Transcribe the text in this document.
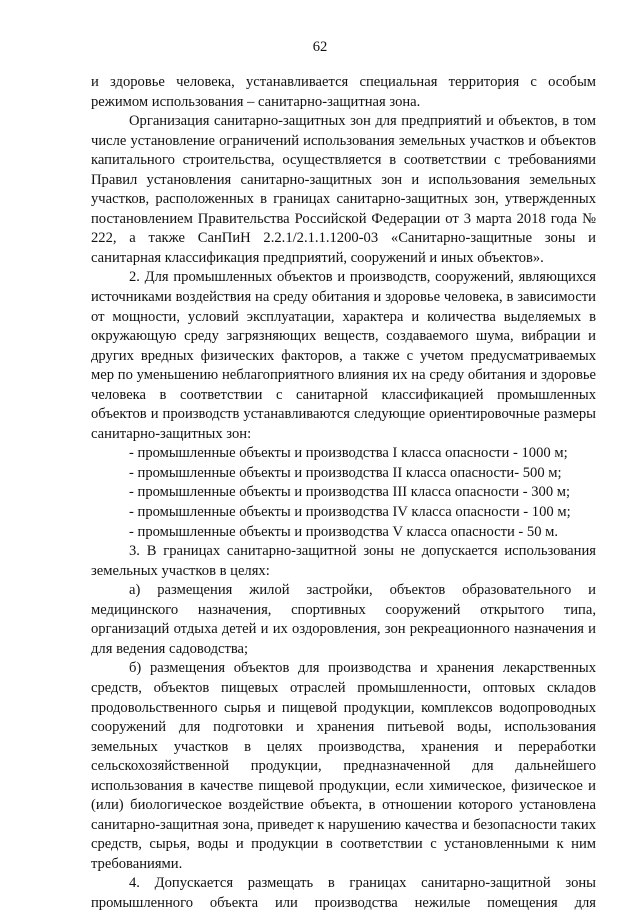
62

и здоровье человека, устанавливается специальная территория с особым режимом использования – санитарно-защитная зона.

Организация санитарно-защитных зон для предприятий и объектов, в том числе установление ограничений использования земельных участков и объектов капитального строительства, осуществляется в соответствии с требованиями Правил установления санитарно-защитных зон и использования земельных участков, расположенных в границах санитарно-защитных зон, утвержденных постановлением Правительства Российской Федерации от 3 марта 2018 года № 222, а также СанПиН 2.2.1/2.1.1.1200-03 «Санитарно-защитные зоны и санитарная классификация предприятий, сооружений и иных объектов».

2. Для промышленных объектов и производств, сооружений, являющихся источниками воздействия на среду обитания и здоровье человека, в зависимости от мощности, условий эксплуатации, характера и количества выделяемых в окружающую среду загрязняющих веществ, создаваемого шума, вибрации и других вредных физических факторов, а также с учетом предусматриваемых мер по уменьшению неблагоприятного влияния их на среду обитания и здоровье человека в соответствии с санитарной классификацией промышленных объектов и производств устанавливаются следующие ориентировочные размеры санитарно-защитных зон:

- промышленные объекты и производства I класса опасности - 1000 м;

- промышленные объекты и производства II класса опасности- 500 м;

- промышленные объекты и производства III класса опасности - 300 м;

- промышленные объекты и производства IV класса опасности - 100 м;

- промышленные объекты и производства V класса опасности - 50 м.

3. В границах санитарно-защитной зоны не допускается использования земельных участков в целях:

а) размещения жилой застройки, объектов образовательного и медицинского назначения, спортивных сооружений открытого типа, организаций отдыха детей и их оздоровления, зон рекреационного назначения и для ведения садоводства;

б) размещения объектов для производства и хранения лекарственных средств, объектов пищевых отраслей промышленности, оптовых складов продовольственного сырья и пищевой продукции, комплексов водопроводных сооружений для подготовки и хранения питьевой воды, использования земельных участков в целях производства, хранения и переработки сельскохозяйственной продукции, предназначенной для дальнейшего использования в качестве пищевой продукции, если химическое, физическое и (или) биологическое воздействие объекта, в отношении которого установлена санитарно-защитная зона, приведет к нарушению качества и безопасности таких средств, сырья, воды и продукции в соответствии с установленными к ним требованиями.

4. Допускается размещать в границах санитарно-защитной зоны промышленного объекта или производства нежилые помещения для
